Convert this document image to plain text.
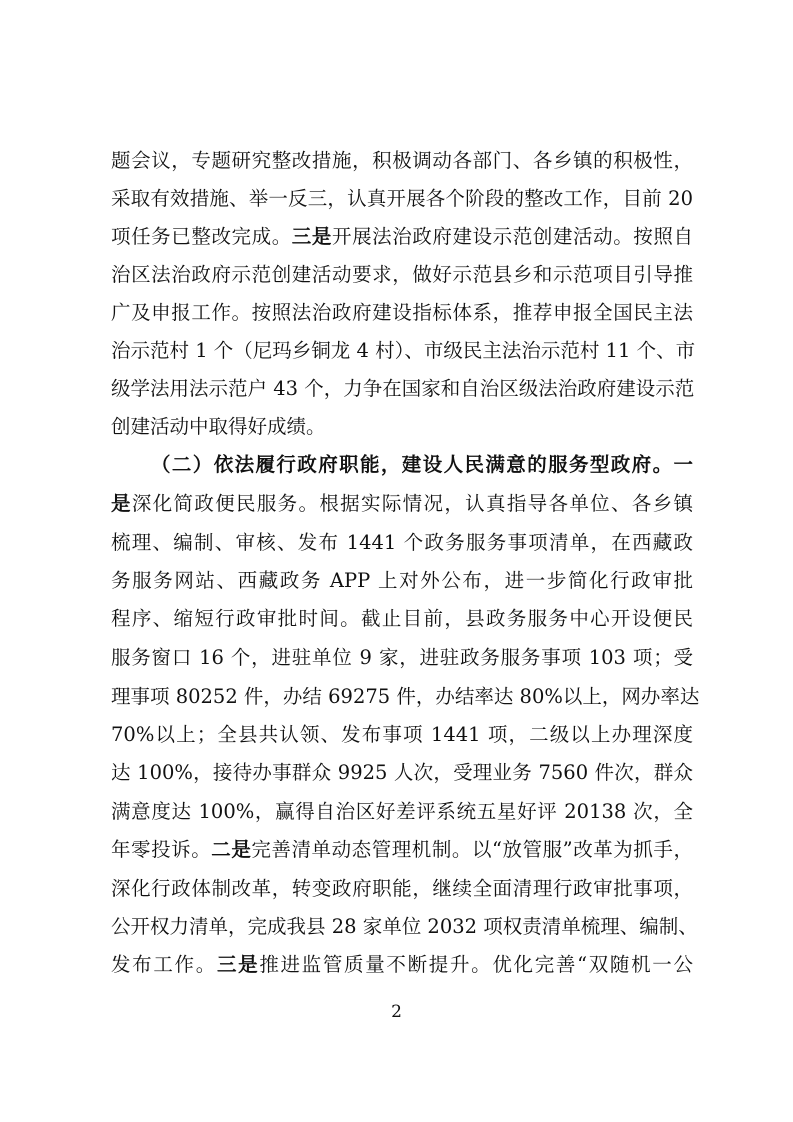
题会议，专题研究整改措施，积极调动各部门、各乡镇的积极性，
采取有效措施、举一反三，认真开展各个阶段的整改工作，目前 20
项任务已整改完成。三是开展法治政府建设示范创建活动。按照自
治区法治政府示范创建活动要求，做好示范县乡和示范项目引导推
广及申报工作。按照法治政府建设指标体系，推荐申报全国民主法
治示范村 1 个（尼玛乡铜龙 4 村）、市级民主法治示范村 11 个、市
级学法用法示范户 43 个，力争在国家和自治区级法治政府建设示范
创建活动中取得好成绩。
（二）依法履行政府职能，建设人民满意的服务型政府。一
是深化简政便民服务。根据实际情况，认真指导各单位、各乡镇
梳理、编制、审核、发布 1441 个政务服务事项清单，在西藏政
务服务网站、西藏政务 APP 上对外公布，进一步简化行政审批
程序、缩短行政审批时间。截止目前，县政务服务中心开设便民
服务窗口 16 个，进驻单位 9 家，进驻政务服务事项 103 项；受
理事项 80252 件，办结 69275 件，办结率达 80%以上，网办率达
70%以上；全县共认领、发布事项 1441 项，二级以上办理深度
达 100%，接待办事群众 9925 人次，受理业务 7560 件次，群众
满意度达 100%，赢得自治区好差评系统五星好评 20138 次，全
年零投诉。二是完善清单动态管理机制。以“放管服”改革为抓手，
深化行政体制改革，转变政府职能，继续全面清理行政审批事项，
公开权力清单，完成我县 28 家单位 2032 项权责清单梳理、编制、
发布工作。三是推进监管质量不断提升。优化完善“双随机一公
2
